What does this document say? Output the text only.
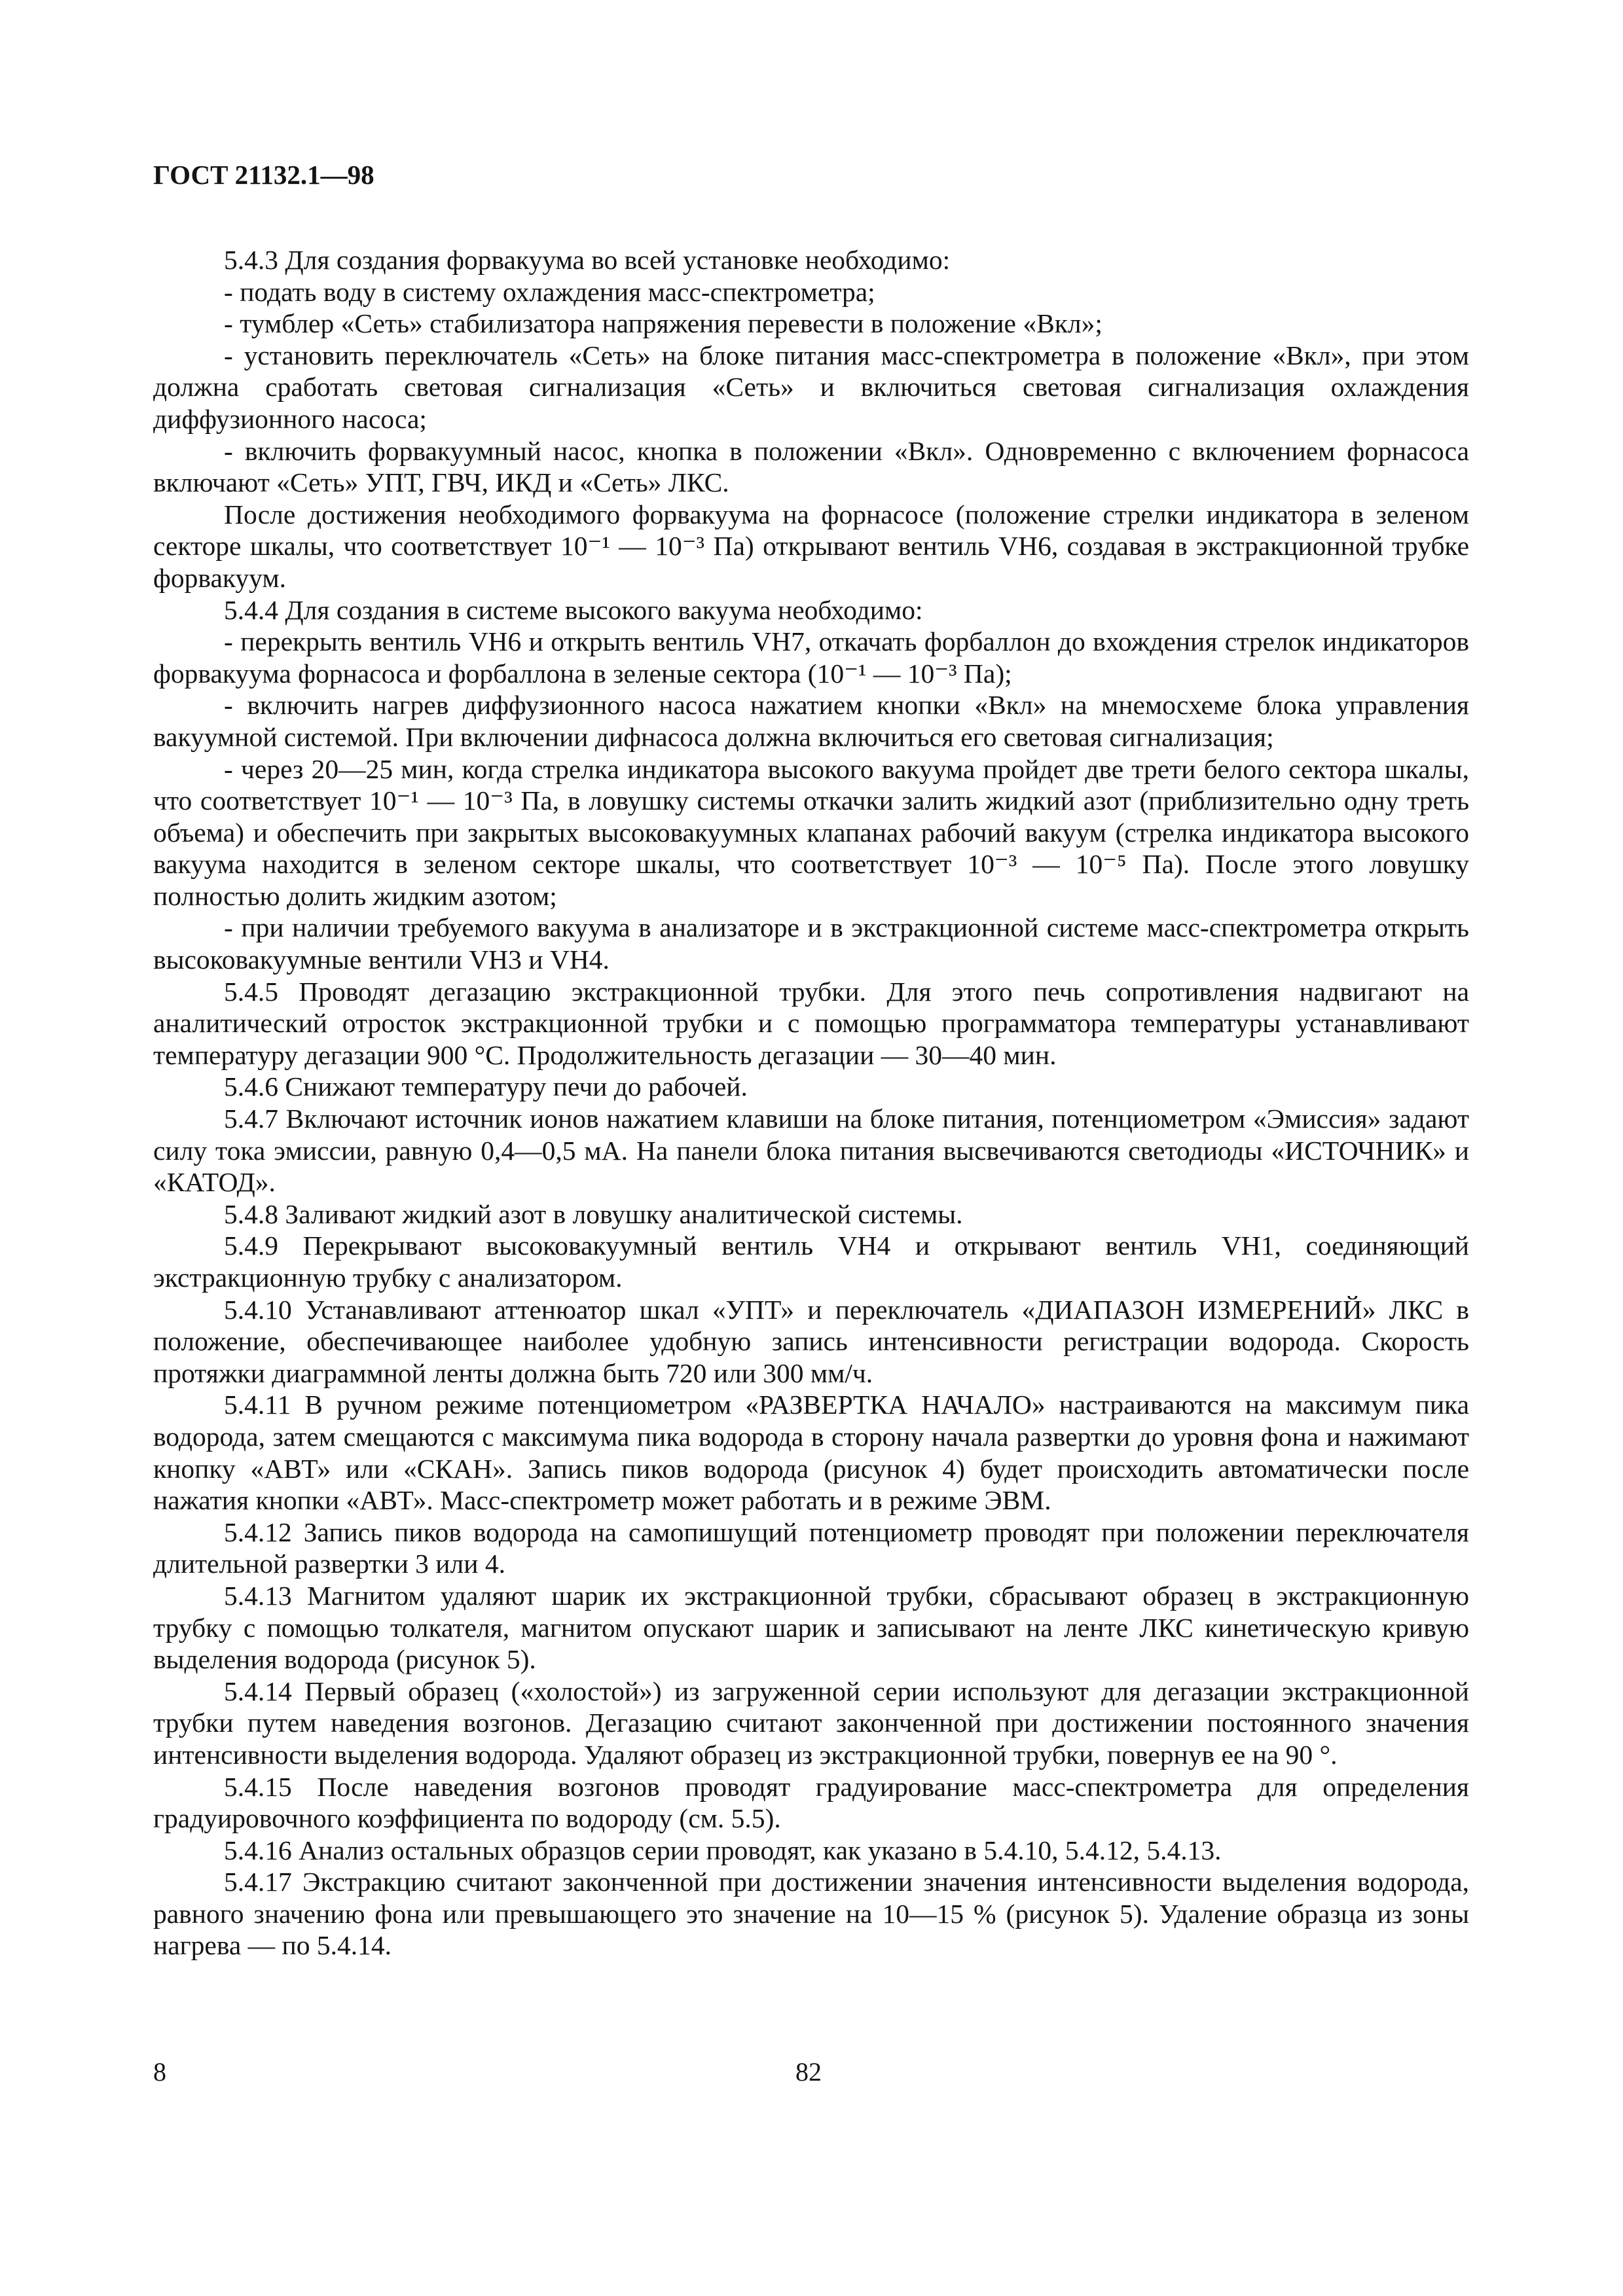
ГОСТ 21132.1—98

5.4.3 Для создания форвакуума во всей установке необходимо:

- подать воду в систему охлаждения масс-спектрометра;

- тумблер «Сеть» стабилизатора напряжения перевести в положение «Вкл»;

- установить переключатель «Сеть» на блоке питания масс-спектрометра в положение «Вкл», при этом должна сработать световая сигнализация «Сеть» и включиться световая сигнализация охлаждения диффузионного насоса;

- включить форвакуумный насос, кнопка в положении «Вкл». Одновременно с включением форнасоса включают «Сеть» УПТ, ГВЧ, ИКД и «Сеть» ЛКС.

После достижения необходимого форвакуума на форнасосе (положение стрелки индикатора в зеленом секторе шкалы, что соответствует 10⁻¹ — 10⁻³ Па) открывают вентиль VH6, создавая в экстракционной трубке форвакуум.

5.4.4 Для создания в системе высокого вакуума необходимо:

- перекрыть вентиль VH6 и открыть вентиль VH7, откачать форбаллон до вхождения стрелок индикаторов форвакуума форнасоса и форбаллона в зеленые сектора (10⁻¹ — 10⁻³ Па);

- включить нагрев диффузионного насоса нажатием кнопки «Вкл» на мнемосхеме блока управления вакуумной системой. При включении дифнасоса должна включиться его световая сигнализация;

- через 20—25 мин, когда стрелка индикатора высокого вакуума пройдет две трети белого сектора шкалы, что соответствует 10⁻¹ — 10⁻³ Па, в ловушку системы откачки залить жидкий азот (приблизительно одну треть объема) и обеспечить при закрытых высоковакуумных клапанах рабочий вакуум (стрелка индикатора высокого вакуума находится в зеленом секторе шкалы, что соответствует 10⁻³ — 10⁻⁵ Па). После этого ловушку полностью долить жидким азотом;

- при наличии требуемого вакуума в анализаторе и в экстракционной системе масс-спектрометра открыть высоковакуумные вентили VH3 и VH4.

5.4.5 Проводят дегазацию экстракционной трубки. Для этого печь сопротивления надвигают на аналитический отросток экстракционной трубки и с помощью программатора температуры устанавливают температуру дегазации 900 °С. Продолжительность дегазации — 30—40 мин.

5.4.6 Снижают температуру печи до рабочей.

5.4.7 Включают источник ионов нажатием клавиши на блоке питания, потенциометром «Эмиссия» задают силу тока эмиссии, равную 0,4—0,5 мА. На панели блока питания высвечиваются светодиоды «ИСТОЧНИК» и «КАТОД».

5.4.8 Заливают жидкий азот в ловушку аналитической системы.

5.4.9 Перекрывают высоковакуумный вентиль VH4 и открывают вентиль VH1, соединяющий экстракционную трубку с анализатором.

5.4.10 Устанавливают аттенюатор шкал «УПТ» и переключатель «ДИАПАЗОН ИЗМЕРЕНИЙ» ЛКС в положение, обеспечивающее наиболее удобную запись интенсивности регистрации водорода. Скорость протяжки диаграммной ленты должна быть 720 или 300 мм/ч.

5.4.11 В ручном режиме потенциометром «РАЗВЕРТКА НАЧАЛО» настраиваются на максимум пика водорода, затем смещаются с максимума пика водорода в сторону начала развертки до уровня фона и нажимают кнопку «АВТ» или «СКАН». Запись пиков водорода (рисунок 4) будет происходить автоматически после нажатия кнопки «АВТ». Масс-спектрометр может работать и в режиме ЭВМ.

5.4.12 Запись пиков водорода на самопишущий потенциометр проводят при положении переключателя длительной развертки 3 или 4.

5.4.13 Магнитом удаляют шарик их экстракционной трубки, сбрасывают образец в экстракционную трубку с помощью толкателя, магнитом опускают шарик и записывают на ленте ЛКС кинетическую кривую выделения водорода (рисунок 5).

5.4.14 Первый образец («холостой») из загруженной серии используют для дегазации экстракционной трубки путем наведения возгонов. Дегазацию считают законченной при достижении постоянного значения интенсивности выделения водорода. Удаляют образец из экстракционной трубки, повернув ее на 90 °.

5.4.15 После наведения возгонов проводят градуирование масс-спектрометра для определения градуировочного коэффициента по водороду (см. 5.5).

5.4.16 Анализ остальных образцов серии проводят, как указано в 5.4.10, 5.4.12, 5.4.13.

5.4.17 Экстракцию считают законченной при достижении значения интенсивности выделения водорода, равного значению фона или превышающего это значение на 10—15 % (рисунок 5). Удаление образца из зоны нагрева — по 5.4.14.

8	82
